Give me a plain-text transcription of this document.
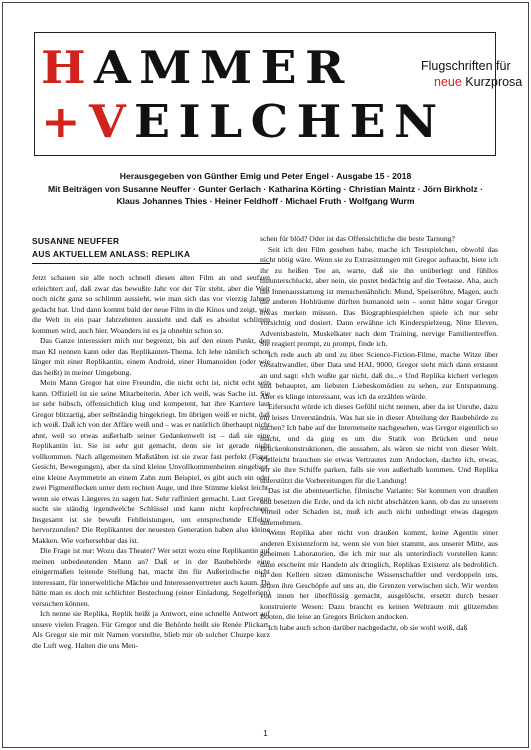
HAMMER
+VEILCHEN
Flugschriften für
neue Kurzprosa
Herausgegeben von Günther Emig und Peter Engel · Ausgabe 15 · 2018
Mit Beiträgen von Susanne Neuffer · Gunter Gerlach · Katharina Körting · Christian Maintz · Jörn Birkholz ·
Klaus Johannes Thies · Heiner Feldhoff · Michael Fruth · Wolfgang Wurm
SUSANNE NEUFFER
AUS AKTUELLEM ANLASS: REPLIKA

Jetzt schauen sie alle noch schnell diesen alten Film an und seufzen erleichtert auf, daß zwar das bewußte Jahr vor der Tür steht, aber die Welt noch nicht ganz so schlimm aussieht, wie man sich das vor vierzig Jahren gedacht hat. Und dann kommt bald der neue Film in die Kinos und zeigt, wie die Welt in ein paar Jahrzehnten aussieht und daß es absolut schlimm kommen wird, auch hier. Woanders ist es ja ohnehin schon so.

Das Ganze interessiert mich nur begrenzt, bis auf den einen Punkt, den man KI nennen kann oder das Replikanten-Thema. Ich lebe nämlich schon länger mit einer Replikantin, einem Android, einer Humanoiden (oder wie das heißt) in meiner Umgebung.

Mein Mann Gregor hat eine Freundin, die nicht echt ist, nicht echt sein kann. Offiziell ist sie seine Mitarbeiterin. Aber ich weiß, was Sache ist. Sie ist sehr hübsch, offensichtlich klug und kompetent, hat ihre Karriere laut Gregor blitzartig, aber selbständig hingekriegt. Im übrigen weiß er nicht, daß ich weiß. Daß ich von der Affäre weiß und – was er natürlich überhaupt nicht ahnt, weil so etwas außerhalb seiner Gedankenwelt ist – daß sie eine Replikantin ist. Sie ist sehr gut gemacht, denn sie ist gerade nicht vollkommen. Nach allgemeinen Maßstäben ist sie zwar fast perfekt (Figur, Gesicht, Bewegungen), aber da sind kleine Unvollkommenheiten eingebaut, eine kleine Asymmetrie an einem Zahn zum Beispiel, es gibt auch ein oder zwei Pigmentflecken unter dem rechten Auge, und ihre Stimme kiekst leicht, wenn sie etwas Längeres zu sagen hat. Sehr raffiniert gemacht. Laut Gregor sucht sie ständig irgendwelche Schlüssel und kann nicht kopfrechnen. Insgesamt ist sie bewußt Fehlleistungen, um entsprechende Effekte hervorzurufen? Die Replikanten der neuesten Generation haben also kleine Makken. Wie vorhersehbar das ist.

Die Frage ist nur: Wozu das Theater? Wer setzt wozu eine Replikantin auf meinen unbedeutenden Mann an? Daß er in der Baubehörde eine einigermaßen leitende Stellung hat, macht ihn für Außerirdische nicht interessant, für innerweltliche Mächte und Interessenvertreter auch kaum. Da hätte man es doch mit schlichter Bestechung (einer Einladung, Segelferien) versuchen können.

Ich nenne sie Replika, Replik heißt ja Antwort, eine schnelle Antwort auf unsere vielen Fragen. Für Gregor und die Behörde heißt sie Renée Plickart. Als Gregor sie mir mit Namen vorstellte, blieb mir ob solcher Chuzpe kurz die Luft weg. Halten die uns Men-

schen für blöd? Oder ist das Offensichtliche die beste Tarnung?

Seit ich den Film gesehen habe, mache ich Testspielchen, obwohl das nicht nötig wäre. Wenn sie zu Extrasitzungen mit Gregor auftaucht, biete ich ihr zu heißen Tee an, warte, daß sie ihn unüberlegt und fühllos hinunterschluckt, aber nein, sie pustet bedächtig auf die Teetasse. Aha, auch die Innenausstattung ist menschenähnlich: Mund, Speiseröhre, Magen, auch die anderen Hohlräume dürften humanoid sein – sonst hätte sogar Gregor etwas merken müssen. Das Biographiespielchen spiele ich nur sehr vorsichtig und dosiert. Dann erwähne ich Kinderspielzeug, Nine Eleven, Adventsbasteln, Muskelkater nach dem Training, nervige Familientreffen. Sie reagiert prompt, zu prompt, finde ich.

Ich rede auch ab und zu über Science-Fiction-Filme, mache Witze über Gestaltwandler, über Data und HAL 9000, Gregor sieht mich dann erstaunt an und sagt: »Ich wußte gar nicht, daß du...« Und Replika kichert verlegen und behauptet, am liebsten Liebeskomödien zu sehen, zur Entspannung. Aber es klinge interessant, was ich da erzählen würde.

Eifersucht würde ich dieses Gefühl nicht nennen, aber da ist Unruhe, dazu ein leises Unverständnis. Was hat sie in dieser Abteilung der Baubehörde zu suchen? Ich habe auf der Internetseite nachgesehen, was Gregor eigentlich so macht, und da ging es um die Statik von Brücken und neue Brückenkonstruktionen, die aussahen, als wären sie nicht von dieser Welt. Vielleicht brauchen sie etwas Vertrautes zum Andocken, dachte ich, etwas, wo sie ihre Schiffe parken, falls sie von außerhalb kommen. Und Replika unterstützt die Vorbereitungen für die Landung!

Das ist die abenteuerliche, filmische Variante: Sie kommen von draußen und besetzen die Erde, und da ich nicht abschätzen kann, ob das zu unserem Vorteil oder Schaden ist, muß ich auch nicht unbedingt etwas dagegen unternehmen.

Wenn Replika aber nicht von draußen kommt, keine Agentin einer anderen Existenzform ist, wenn sie von hier stammt, aus unserer Mitte, aus geheimen Laboratorien, die ich mir nur als unterirdisch vorstellen kann: dann erscheint mir Handeln als dringlich, Replikas Existenz als bedrohlich. In den Kellern sitzen dämonische Wissenschaftler und verdoppeln uns, setzen ihre Geschöpfe auf uns an, die Grenzen verwischen sich. Wir werden von innen her überflüssig gemacht, ausgelöscht, ersetzt durch besser konstruierte Wesen: Dazu braucht es keinen Weltraum mit glitzernden Booten, die leise an Gregors Brücken andocken.

Ich habe auch schon darüber nachgedacht, ob sie wohl weiß, daß

1
